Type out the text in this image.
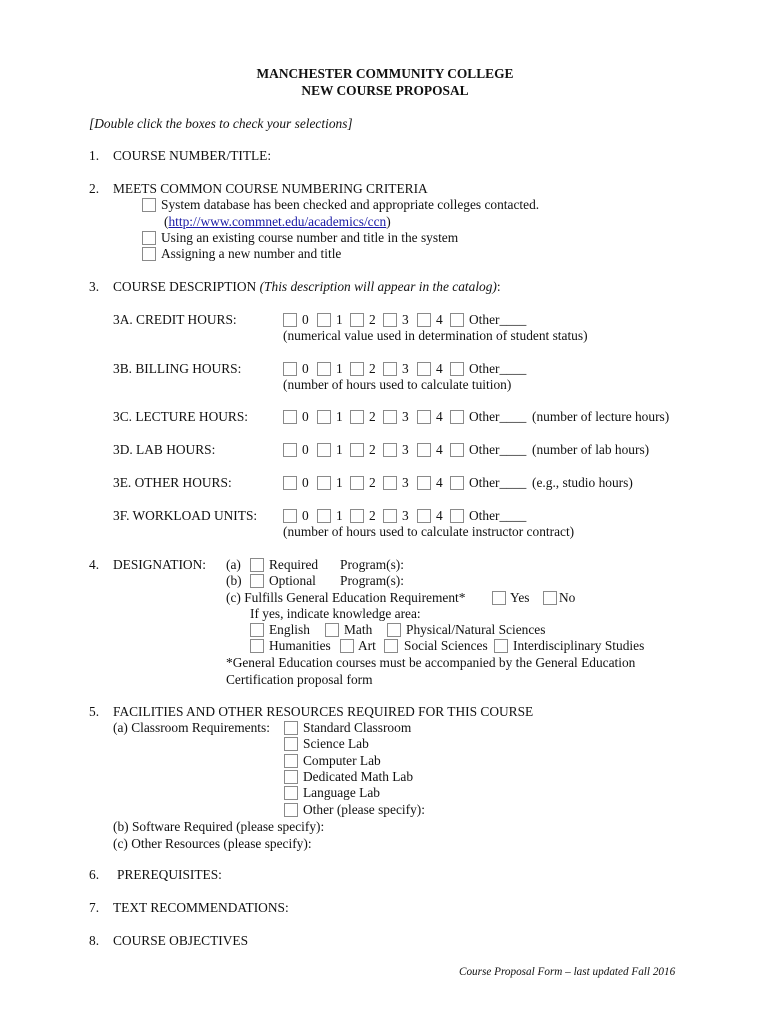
MANCHESTER COMMUNITY COLLEGE
NEW COURSE PROPOSAL
[Double click the boxes to check your selections]
1. COURSE NUMBER/TITLE:
2. MEETS COMMON COURSE NUMBERING CRITERIA
System database has been checked and appropriate colleges contacted.
(http://www.commnet.edu/academics/ccn)
Using an existing course number and title in the system
Assigning a new number and title
3. COURSE DESCRIPTION (This description will appear in the catalog):
3A. CREDIT HOURS:	0 1 2 3 4 Other____
(numerical value used in determination of student status)
3B. BILLING HOURS:	0 1 2 3 4 Other____
(number of hours used to calculate tuition)
3C. LECTURE HOURS:	0 1 2 3 4 Other____ (number of lecture hours)
3D. LAB HOURS:	0 1 2 3 4 Other____ (number of lab hours)
3E. OTHER HOURS:	0 1 2 3 4 Other____ (e.g., studio hours)
3F. WORKLOAD UNITS:	0 1 2 3 4 Other____
(number of hours used to calculate instructor contract)
4. DESIGNATION: (a) Required Program(s):
(b) Optional Program(s):
(c) Fulfills General Education Requirement*	Yes No
If yes, indicate knowledge area:
English	Math	Physical/Natural Sciences
Humanities Art Social Sciences Interdisciplinary Studies
*General Education courses must be accompanied by the General Education
Certification proposal form
5. FACILITIES AND OTHER RESOURCES REQUIRED FOR THIS COURSE
(a) Classroom Requirements: Standard Classroom
Science Lab
Computer Lab
Dedicated Math Lab
Language Lab
Other (please specify):
(b) Software Required (please specify):
(c) Other Resources (please specify):
6. PREREQUISITES:
7. TEXT RECOMMENDATIONS:
8. COURSE OBJECTIVES
Course Proposal Form – last updated Fall 2016
